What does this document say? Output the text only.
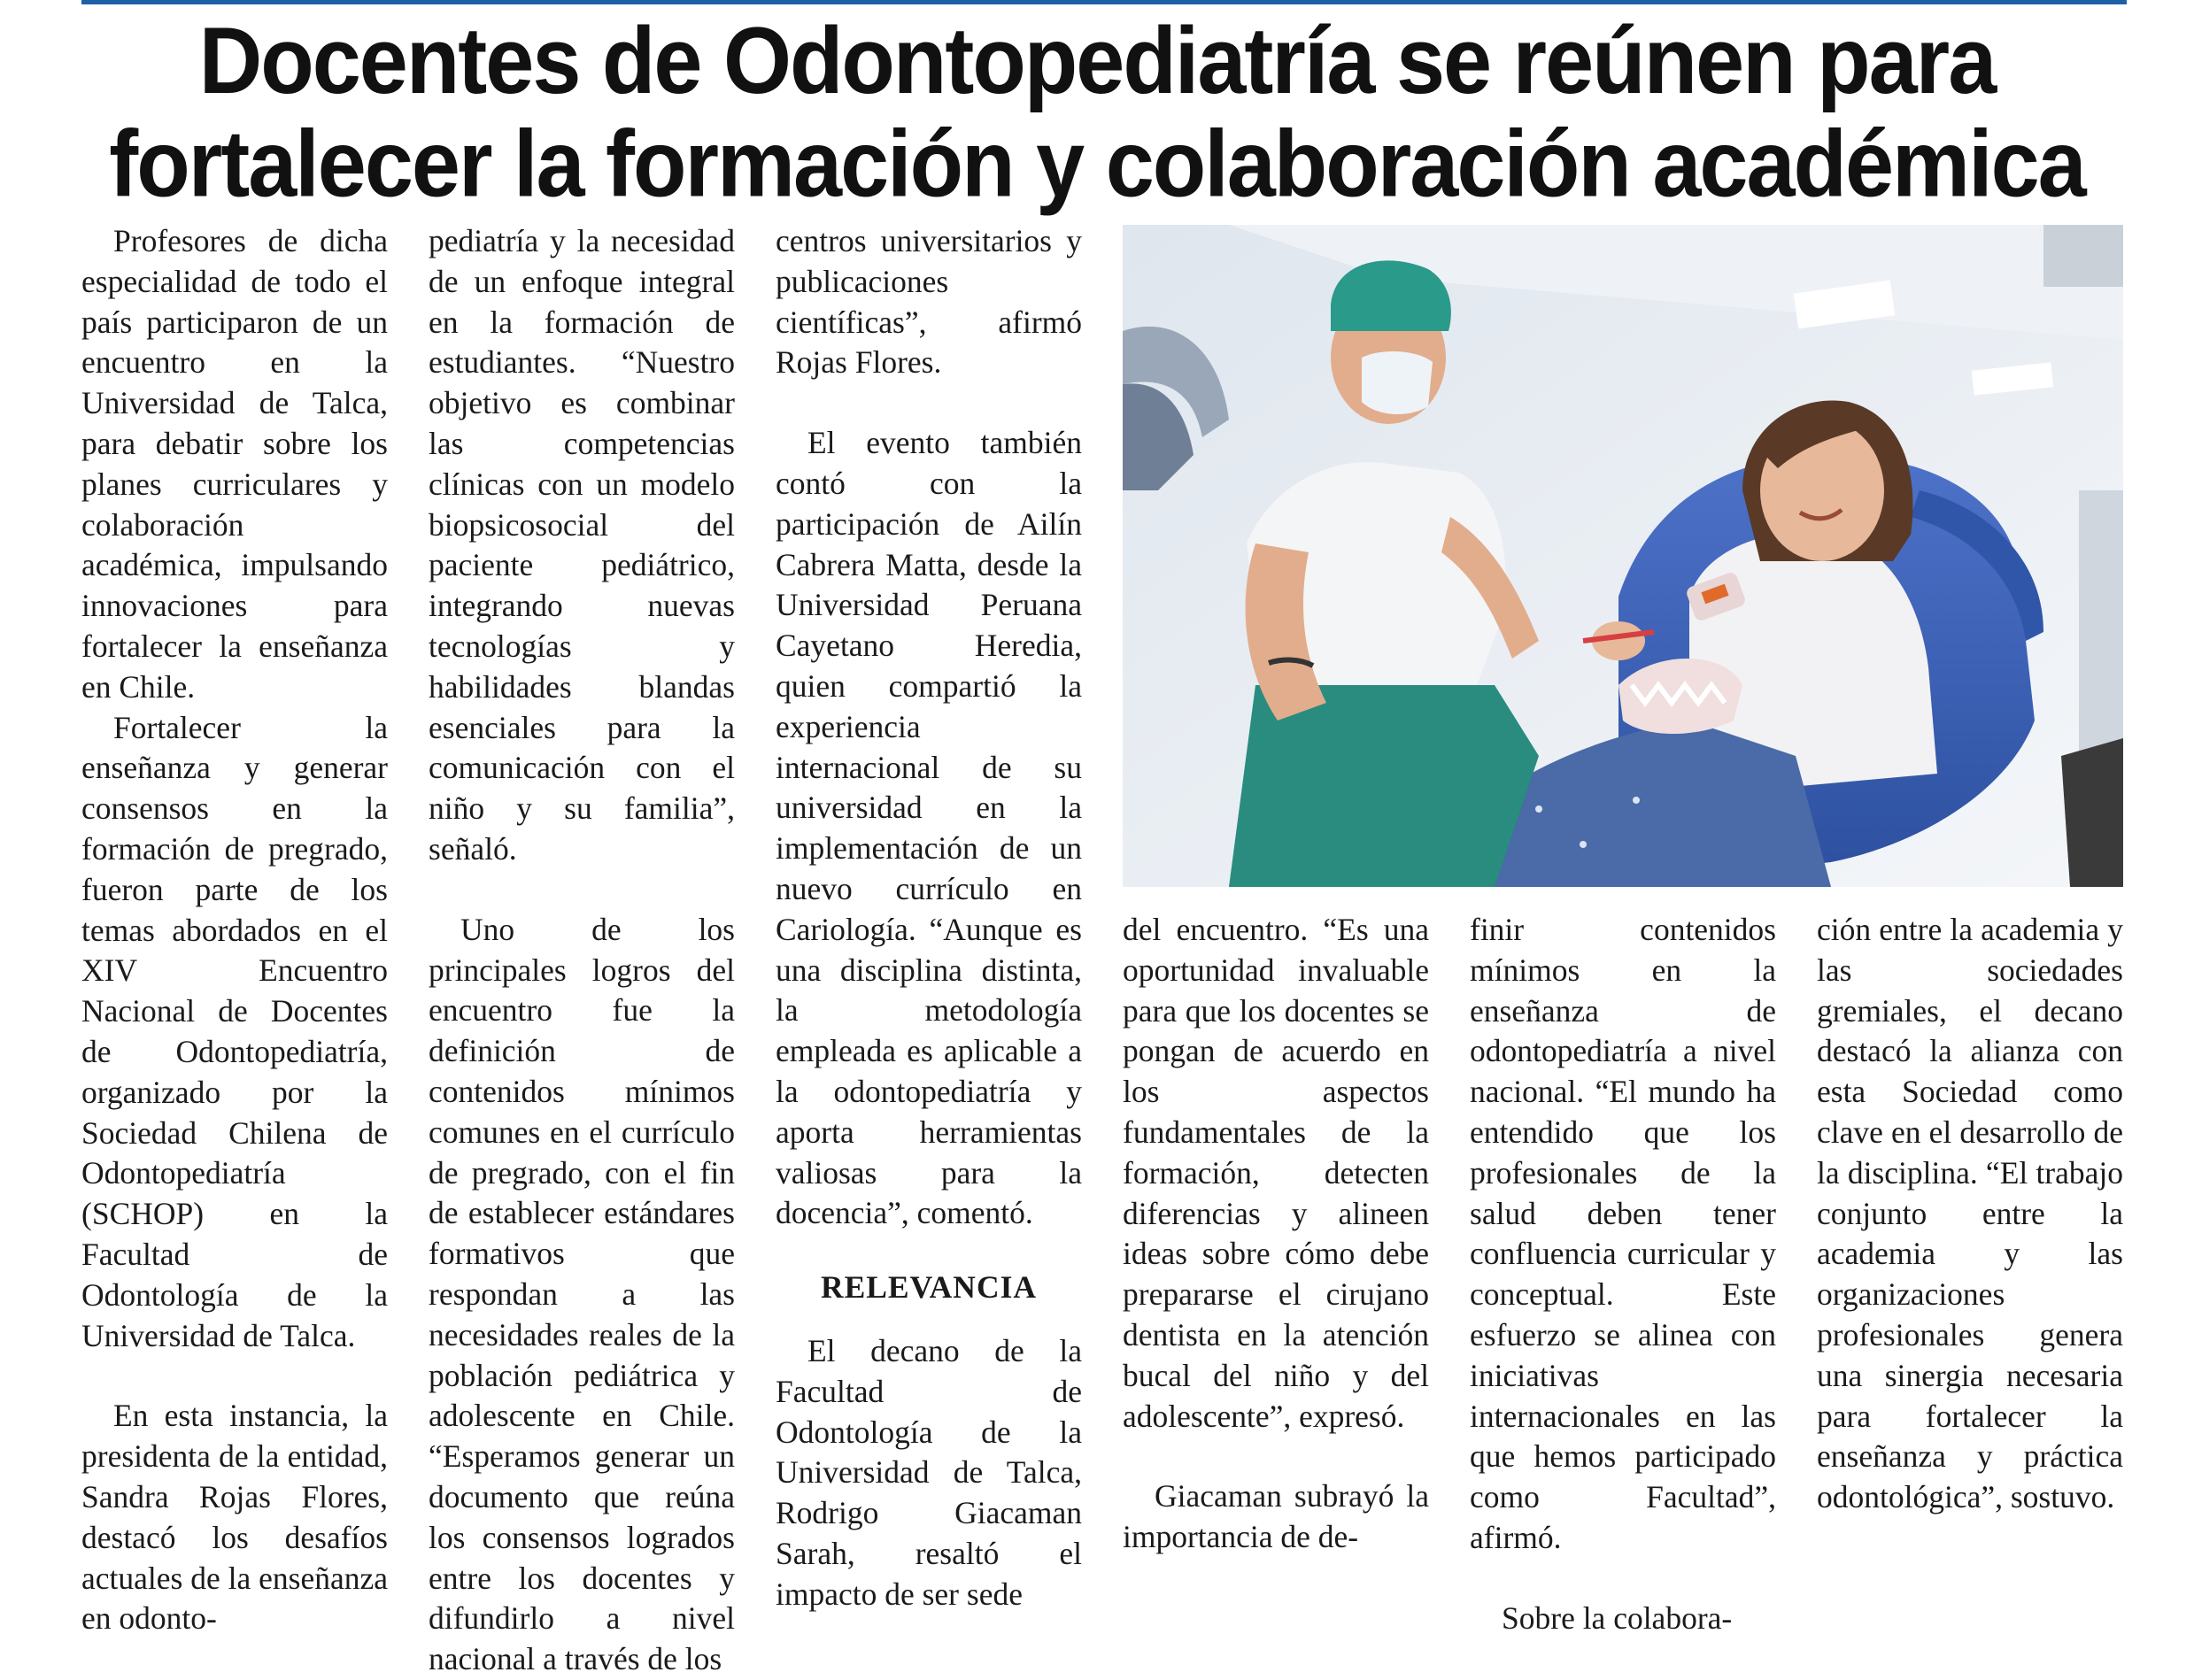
Docentes de Odontopediatría se reúnen para
fortalecer la formación y colaboración académica

Profesores de dicha especialidad de todo el país participaron de un encuentro en la Universidad de Talca, para debatir sobre los planes curriculares y colaboración académica, impulsando innovaciones para fortalecer la enseñanza en Chile.

Fortalecer la enseñanza y generar consensos en la formación de pregrado, fueron parte de los temas abordados en el XIV Encuentro Nacional de Docentes de Odontopediatría, organizado por la Sociedad Chilena de Odontopediatría (SCHOP) en la Facultad de Odontología de la Universidad de Talca.

En esta instancia, la presidenta de la entidad, Sandra Rojas Flores, destacó los desafíos actuales de la enseñanza en odonto-

pediatría y la necesidad de un enfoque integral en la formación de estudiantes. “Nuestro objetivo es combinar las competencias clínicas con un modelo biopsicosocial del paciente pediátrico, integrando nuevas tecnologías y habilidades blandas esenciales para la comunicación con el niño y su familia”, señaló.

Uno de los principales logros del encuentro fue la definición de contenidos mínimos comunes en el currículo de pregrado, con el fin de establecer estándares formativos que respondan a las necesidades reales de la población pediátrica y adolescente en Chile. “Esperamos generar un documento que reúna los consensos logrados entre los docentes y difundirlo a nivel nacional a través de los

centros universitarios y publicaciones científicas”, afirmó Rojas Flores.

El evento también contó con la participación de Ailín Cabrera Matta, desde la Universidad Peruana Cayetano Heredia, quien compartió la experiencia internacional de su universidad en la implementación de un nuevo currículo en Cariología. “Aunque es una disciplina distinta, la metodología empleada es aplicable a la odontopediatría y aporta herramientas valiosas para la docencia”, comentó.

RELEVANCIA

El decano de la Facultad de Odontología de la Universidad de Talca, Rodrigo Giacaman Sarah, resaltó el impacto de ser sede

del encuentro. “Es una oportunidad invaluable para que los docentes se pongan de acuerdo en los aspectos fundamentales de la formación, detecten diferencias y alineen ideas sobre cómo debe prepararse el cirujano dentista en la atención bucal del niño y del adolescente”, expresó.

Giacaman subrayó la importancia de de-

finir contenidos mínimos en la enseñanza de odontopediatría a nivel nacional. “El mundo ha entendido que los profesionales de la salud deben tener confluencia curricular y conceptual. Este esfuerzo se alinea con iniciativas internacionales en las que hemos participado como Facultad”, afirmó.

Sobre la colabora-

ción entre la academia y las sociedades gremiales, el decano destacó la alianza con esta Sociedad como clave en el desarrollo de la disciplina. “El trabajo conjunto entre la academia y las organizaciones profesionales genera una sinergia necesaria para fortalecer la enseñanza y práctica odontológica”, sostuvo.
